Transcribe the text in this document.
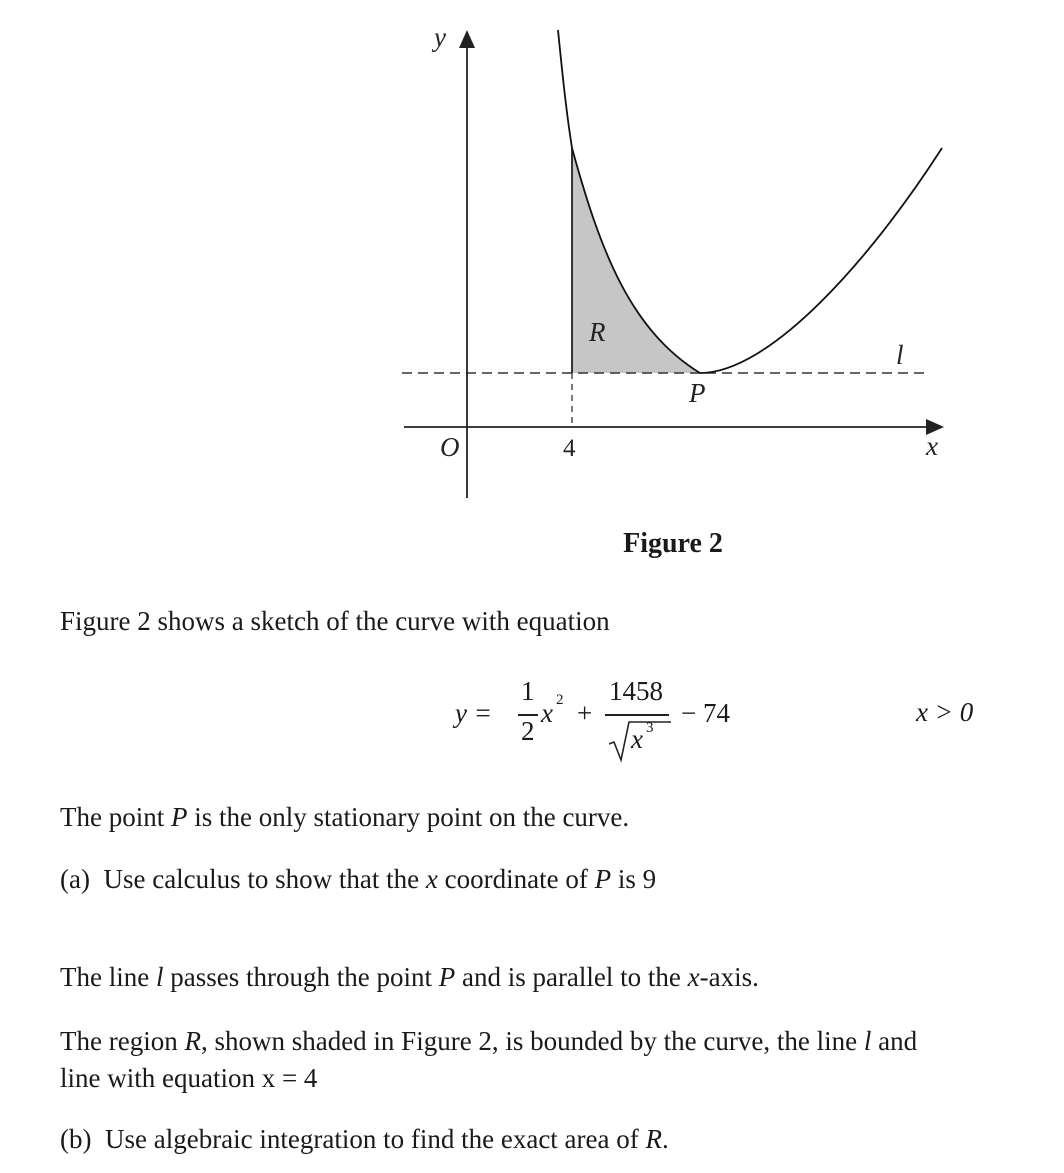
y
x
O	4
R
P
l
Figure 2
Figure 2 shows a sketch of the curve with equation
y =
1
2
x 2 +
1458
x 3 − 74	x > 0
The point P is the only stationary point on the curve.
(a) Use calculus to show that the x coordinate of P is 9
The line l passes through the point P and is parallel to the x-axis.
The region R, shown shaded in Figure 2, is bounded by the curve, the line l and
line with equation x = 4
(b) Use algebraic integration to find the exact area of R.
